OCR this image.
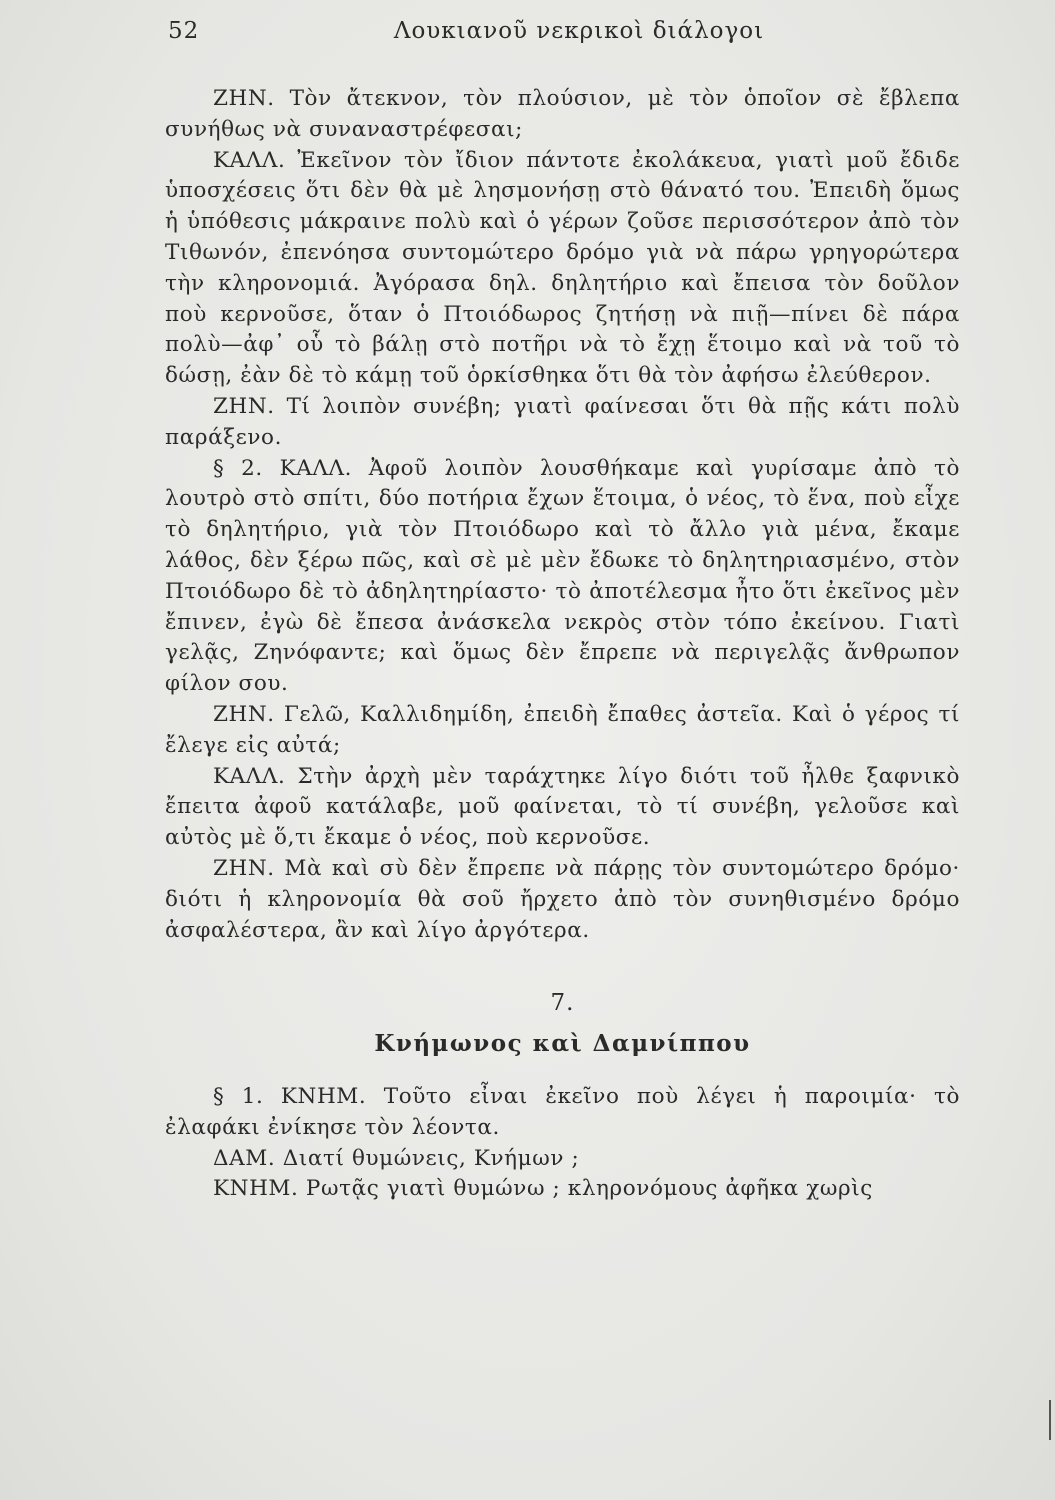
52	Λουκιανοῦ νεκρικοὶ διάλογοι

ΖΗΝ. Τὸν ἄτεκνον, τὸν πλούσιον, μὲ τὸν ὁποῖον σὲ ἔβλεπα συνήθως νὰ συναναστρέφεσαι;

ΚΑΛΛ. Ἐκεῖνον τὸν ἴδιον πάντοτε ἐκολάκευα, γιατὶ μοῦ ἔδιδε ὑποσχέσεις ὅτι δὲν θὰ μὲ λησμονήσῃ στὸ θάνατό του. Ἐπειδὴ ὅμως ἡ ὑπόθεσις μάκραινε πολὺ καὶ ὁ γέρων ζοῦσε περισσότερον ἀπὸ τὸν Τιθωνόν, ἐπενόησα συντομώτερο δρόμο γιὰ νὰ πάρω γρηγορώτερα τὴν κληρονομιά. Ἀγόρασα δηλ. δηλητήριο καὶ ἔπεισα τὸν δοῦλον ποὺ κερνοῦσε, ὅταν ὁ Πτοιόδωρος ζητήσῃ νὰ πιῇ—πίνει δὲ πάρα πολὺ—ἀφ᾽ οὗ τὸ βάλῃ στὸ ποτῆρι νὰ τὸ ἔχῃ ἕτοιμο καὶ νὰ τοῦ τὸ δώσῃ, ἐὰν δὲ τὸ κάμῃ τοῦ ὁρκίσθηκα ὅτι θὰ τὸν ἀφήσω ἐλεύθερον.

ΖΗΝ. Τί λοιπὸν συνέβη; γιατὶ φαίνεσαι ὅτι θὰ πῇς κάτι πολὺ παράξενο.

§ 2. ΚΑΛΛ. Ἀφοῦ λοιπὸν λουσθήκαμε καὶ γυρίσαμε ἀπὸ τὸ λουτρὸ στὸ σπίτι, δύο ποτήρια ἔχων ἕτοιμα, ὁ νέος, τὸ ἕνα, ποὺ εἶχε τὸ δηλητήριο, γιὰ τὸν Πτοιόδωρο καὶ τὸ ἄλλο γιὰ μένα, ἔκαμε λάθος, δὲν ξέρω πῶς, καὶ σὲ μὲ μὲν ἔδωκε τὸ δηλητηριασμένο, στὸν Πτοιόδωρο δὲ τὸ ἀδηλητηρίαστο· τὸ ἀποτέλεσμα ἦτο ὅτι ἐκεῖνος μὲν ἔπινεν, ἐγὼ δὲ ἔπεσα ἀνάσκελα νεκρὸς στὸν τόπο ἐκείνου. Γιατὶ γελᾷς, Ζηνόφαντε; καὶ ὅμως δὲν ἔπρεπε νὰ περιγελᾷς ἄνθρωπον φίλον σου.

ΖΗΝ. Γελῶ, Καλλιδημίδη, ἐπειδὴ ἔπαθες ἀστεῖα. Καὶ ὁ γέρος τί ἔλεγε εἰς αὐτά;

ΚΑΛΛ. Στὴν ἀρχὴ μὲν ταράχτηκε λίγο διότι τοῦ ἦλθε ξαφνικὸ ἔπειτα ἀφοῦ κατάλαβε, μοῦ φαίνεται, τὸ τί συνέβη, γελοῦσε καὶ αὐτὸς μὲ ὅ,τι ἔκαμε ὁ νέος, ποὺ κερνοῦσε.

ΖΗΝ. Μὰ καὶ σὺ δὲν ἔπρεπε νὰ πάρῃς τὸν συντομώτερο δρόμο· διότι ἡ κληρονομία θὰ σοῦ ἤρχετο ἀπὸ τὸν συνηθισμένο δρόμο ἀσφαλέστερα, ἂν καὶ λίγο ἀργότερα.

7.
Κνήμωνος καὶ Δαμνίππου

§ 1. ΚΝΗΜ. Τοῦτο εἶναι ἐκεῖνο ποὺ λέγει ἡ παροιμία· τὸ ἐλαφάκι ἐνίκησε τὸν λέοντα.

ΔΑΜ. Διατί θυμώνεις, Κνήμων ;

ΚΝΗΜ. Ρωτᾷς γιατὶ θυμώνω ; κληρονόμους ἀφῆκα χωρὶς
